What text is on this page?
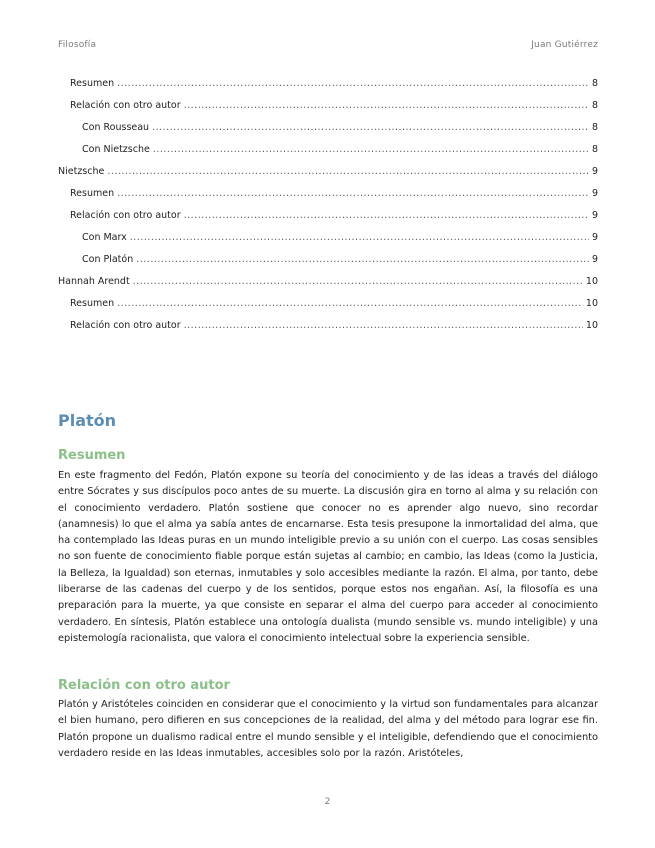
Filosofía	Juan Gutiérrez
Resumen .....	8
Relación con otro autor .....	8
Con Rousseau .....	8
Con Nietzsche .....	8
Nietzsche .....	9
Resumen .....	9
Relación con otro autor .....	9
Con Marx .....	9
Con Platón .....	9
Hannah Arendt .....	10
Resumen .....	10
Relación con otro autor .....	10
Platón
Resumen
En este fragmento del Fedón, Platón expone su teoría del conocimiento y de las ideas a través del diálogo entre Sócrates y sus discípulos poco antes de su muerte. La discusión gira en torno al alma y su relación con el conocimiento verdadero. Platón sostiene que conocer no es aprender algo nuevo, sino recordar (anamnesis) lo que el alma ya sabía antes de encarnarse. Esta tesis presupone la inmortalidad del alma, que ha contemplado las Ideas puras en un mundo inteligible previo a su unión con el cuerpo. Las cosas sensibles no son fuente de conocimiento fiable porque están sujetas al cambio; en cambio, las Ideas (como la Justicia, la Belleza, la Igualdad) son eternas, inmutables y solo accesibles mediante la razón. El alma, por tanto, debe liberarse de las cadenas del cuerpo y de los sentidos, porque estos nos engañan. Así, la filosofía es una preparación para la muerte, ya que consiste en separar el alma del cuerpo para acceder al conocimiento verdadero. En síntesis, Platón establece una ontología dualista (mundo sensible vs. mundo inteligible) y una epistemología racionalista, que valora el conocimiento intelectual sobre la experiencia sensible.
Relación con otro autor
Platón y Aristóteles coinciden en considerar que el conocimiento y la virtud son fundamentales para alcanzar el bien humano, pero difieren en sus concepciones de la realidad, del alma y del método para lograr ese fin. Platón propone un dualismo radical entre el mundo sensible y el inteligible, defendiendo que el conocimiento verdadero reside en las Ideas inmutables, accesibles solo por la razón. Aristóteles,
2
